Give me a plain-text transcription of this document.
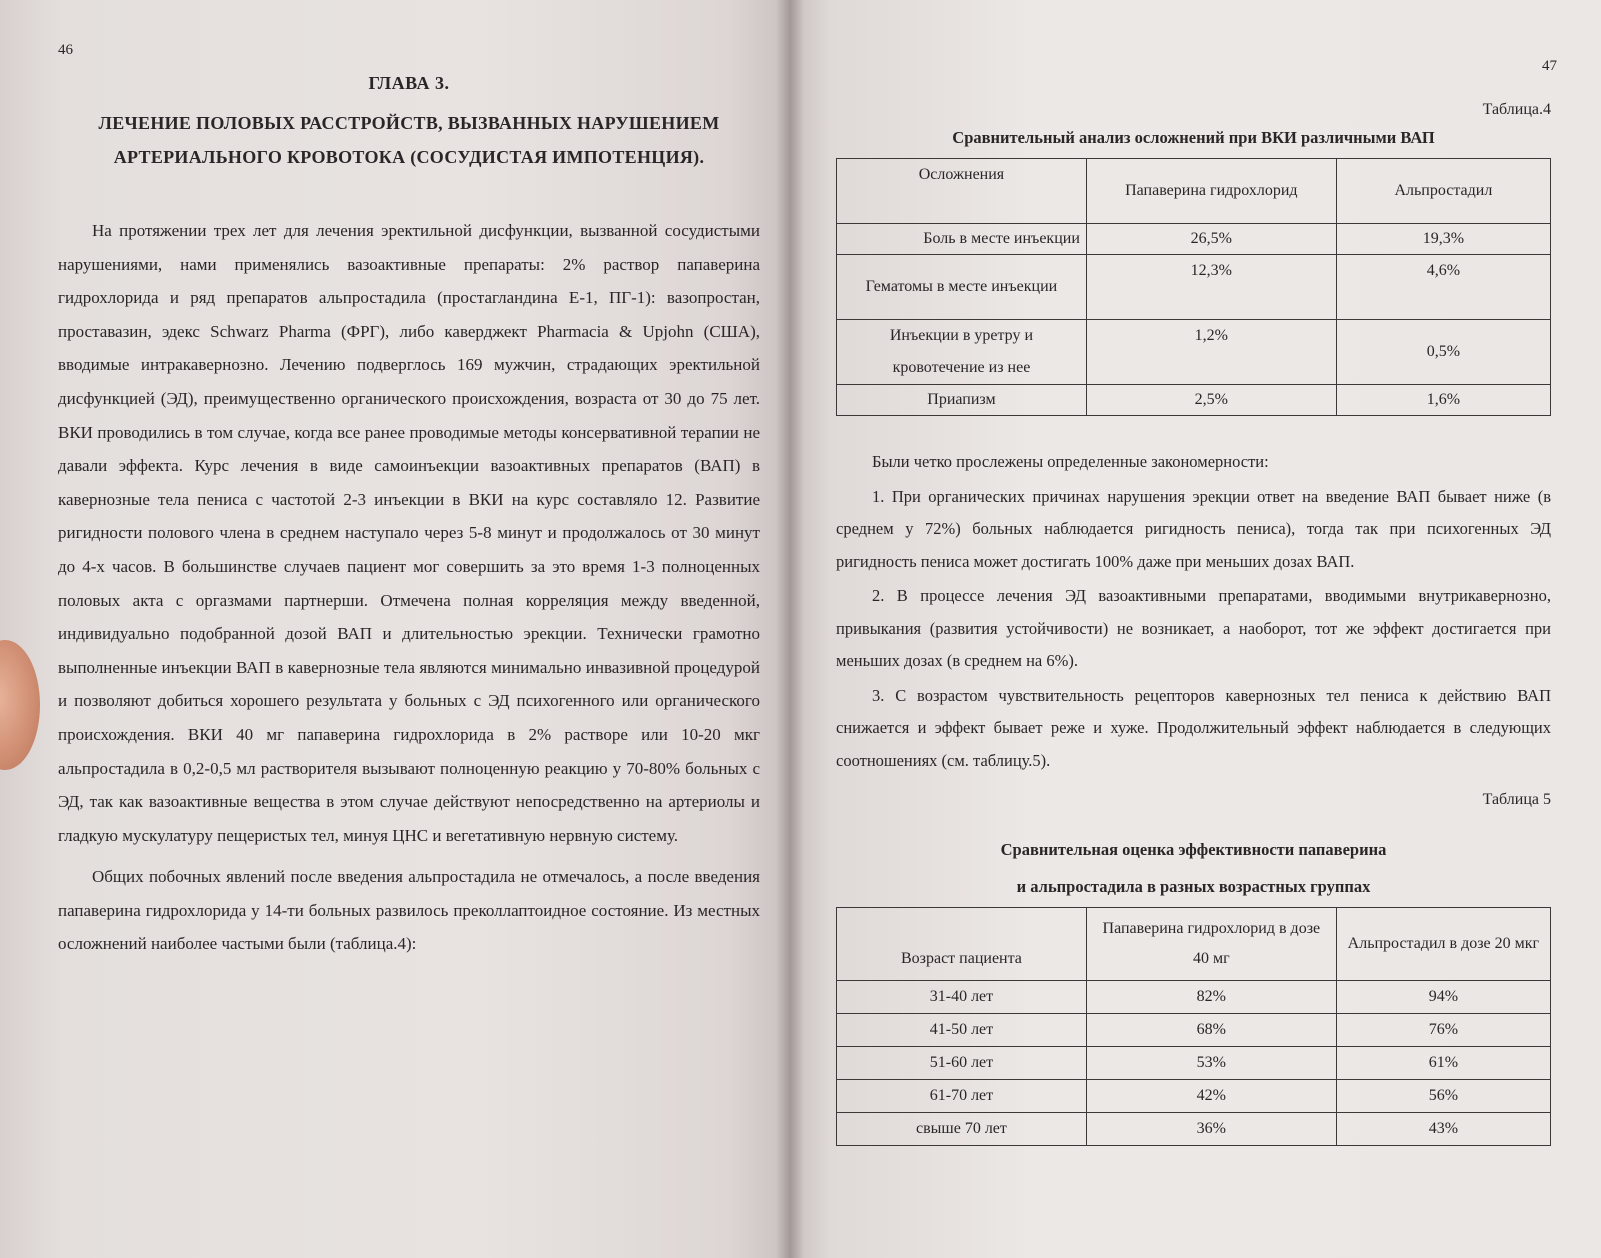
46
ГЛАВА 3.
ЛЕЧЕНИЕ ПОЛОВЫХ РАССТРОЙСТВ, ВЫЗВАННЫХ НАРУШЕНИЕМ АРТЕРИАЛЬНОГО КРОВОТОКА (СОСУДИСТАЯ ИМПОТЕНЦИЯ).

На протяжении трех лет для лечения эректильной дисфункции, вызванной сосудистыми нарушениями, нами применялись вазоактивные препараты: 2% раствор папаверина гидрохлорида и ряд препаратов альпростадила (простагландина Е-1, ПГ-1): вазопростан, проставазин, эдекс Schwarz Pharma (ФРГ), либо каверджект Pharmacia & Upjohn (США), вводимые интракавернозно. Лечению подверглось 169 мужчин, страдающих эректильной дисфункцией (ЭД), преимущественно органического происхождения, возраста от 30 до 75 лет. ВКИ проводились в том случае, когда все ранее проводимые методы консервативной терапии не давали эффекта. Курс лечения в виде самоинъекции вазоактивных препаратов (ВАП) в кавернозные тела пениса с частотой 2-3 инъекции в ВКИ на курс составляло 12. Развитие ригидности полового члена в среднем наступало через 5-8 минут и продолжалось от 30 минут до 4-х часов. В большинстве случаев пациент мог совершить за это время 1-3 полноценных половых акта с оргазмами партнерши. Отмечена полная корреляция между введенной, индивидуально подобранной дозой ВАП и длительностью эрекции. Технически грамотно выполненные инъекции ВАП в кавернозные тела являются минимально инвазивной процедурой и позволяют добиться хорошего результата у больных с ЭД психогенного или органического происхождения. ВКИ 40 мг папаверина гидрохлорида в 2% растворе или 10-20 мкг альпростадила в 0,2-0,5 мл растворителя вызывают полноценную реакцию у 70-80% больных с ЭД, так как вазоактивные вещества в этом случае действуют непосредственно на артериолы и гладкую мускулатуру пещеристых тел, минуя ЦНС и вегетативную нервную систему.

Общих побочных явлений после введения альпростадила не отмечалось, а после введения папаверина гидрохлорида у 14-ти больных развилось преколлаптоидное состояние. Из местных осложнений наиболее частыми были (таблица.4):

47
Таблица.4
Сравнительный анализ осложнений при ВКИ различными ВАП
Осложнения	Папаверина гидрохлорид	Альпростадил
Боль в месте инъекции	26,5%	19,3%
Гематомы в месте инъекции	12,3%	4,6%
Инъекции в уретру и кровотечение из нее	1,2%	0,5%
Приапизм	2,5%	1,6%

Были четко прослежены определенные закономерности:

1. При органических причинах нарушения эрекции ответ на введение ВАП бывает ниже (в среднем у 72%) больных наблюдается ригидность пениса), тогда так при психогенных ЭД ригидность пениса может достигать 100% даже при меньших дозах ВАП.

2. В процессе лечения ЭД вазоактивными препаратами, вводимыми внутрикавернозно, привыкания (развития устойчивости) не возникает, а наоборот, тот же эффект достигается при меньших дозах (в среднем на 6%).

3. С возрастом чувствительность рецепторов кавернозных тел пениса к действию ВАП снижается и эффект бывает реже и хуже. Продолжительный эффект наблюдается в следующих соотношениях (см. таблицу.5).

Таблица 5
Сравнительная оценка эффективности папаверина
и альпростадила в разных возрастных группах
Возраст пациента	Папаверина гидрохлорид в дозе 40 мг	Альпростадил в дозе 20 мкг
31-40 лет	82%	94%
41-50 лет	68%	76%
51-60 лет	53%	61%
61-70 лет	42%	56%
свыше 70 лет	36%	43%
